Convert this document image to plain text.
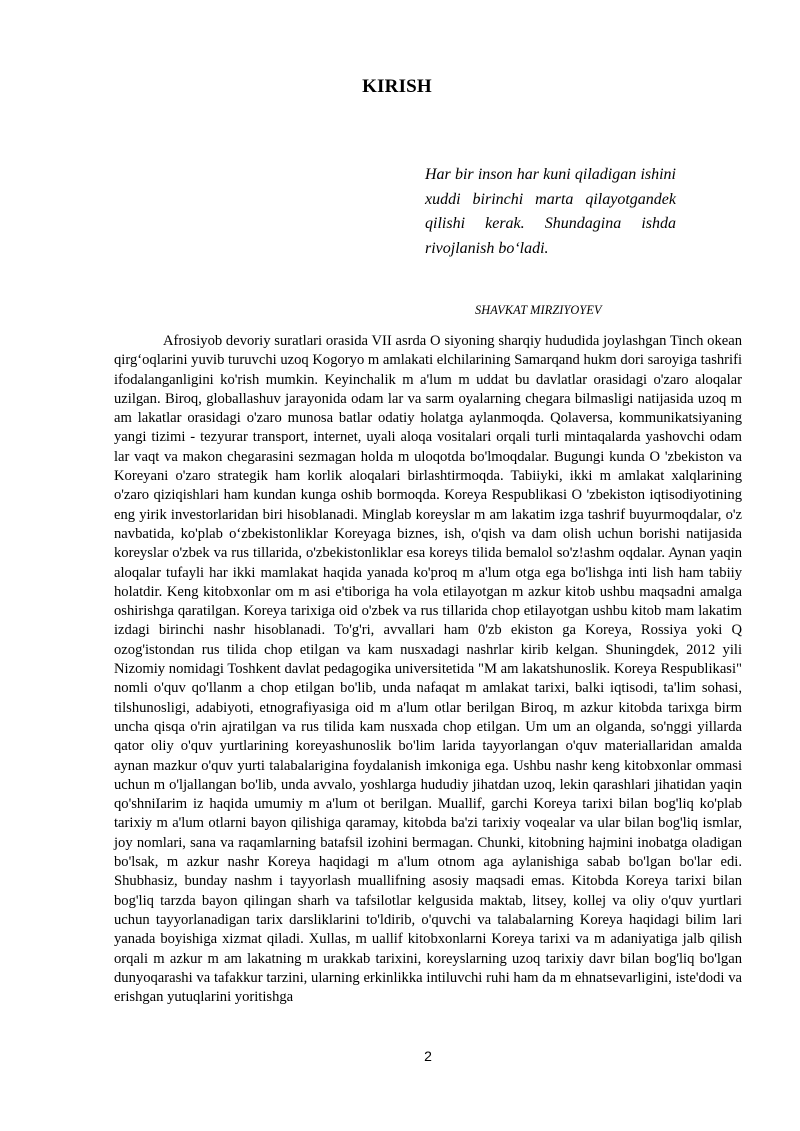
KIRISH
Har bir inson har kuni qiladigan ishini xuddi birinchi marta qilayotgandek qilishi kerak. Shundagina ishda rivojlanish bo‘ladi.
SHAVKAT MIRZIYOYEV

Afrosiyob devoriy suratlari orasida VII asrda O siyoning sharqiy hududida joylashgan Tinch okean qirg‘oqlarini yuvib turuvchi uzoq Kogoryo m amlakati elchilarining Samarqand hukm dori saroyiga tashrifi ifodalanganligini ko'rish mumkin. Keyinchalik m a'lum m uddat bu davlatlar orasidagi o'zaro aloqalar uzilgan. Biroq, globallashuv jarayonida odam lar va sarm oyalarning chegara bilmasligi natijasida uzoq m am lakatlar orasidagi o'zaro munosa batlar odatiy holatga aylanmoqda. Qolaversa, kommunikatsiyaning yangi tizimi - tezyurar transport, internet, uyali aloqa vositalari orqali turli mintaqalarda yashovchi odam lar vaqt va makon chegarasini sezmagan holda m uloqotda bo'lmoqdalar. Bugungi kunda O 'zbekiston va Koreyani o'zaro strategik ham korlik aloqalari birlashtirmoqda. Tabiiyki, ikki m amlakat xalqlarining o'zaro qiziqishlari ham kundan kunga oshib bormoqda. Koreya Respublikasi O 'zbekiston iqtisodiyotining eng yirik investorlaridan biri hisoblanadi. Minglab koreyslar m am lakatim izga tashrif buyurmoqdalar, o'z navbatida, ko'plab o‘zbekistonliklar Koreyaga biznes, ish, o'qish va dam olish uchun borishi natijasida koreyslar o'zbek va rus tillarida, o'zbekistonliklar esa koreys tilida bemalol so'z!ashm oqdalar. Aynan yaqin aloqalar tufayli har ikki mamlakat haqida yanada ko'proq m a'lum otga ega bo'lishga inti lish ham tabiiy holatdir. Keng kitobxonlar om m asi e'tiboriga ha vola etilayotgan m azkur kitob ushbu maqsadni amalga oshirishga qaratilgan. Koreya tarixiga oid o'zbek va rus tillarida chop etilayotgan ushbu kitob mam lakatim izdagi birinchi nashr hisoblanadi. To'g'ri, avvallari ham 0'zb ekiston ga Koreya, Rossiya yoki Q ozog'istondan rus tilida chop etilgan va kam nusxadagi nashrlar kirib kelgan. Shuningdek, 2012 yili Nizomiy nomidagi Toshkent davlat pedagogika universitetida "M am lakatshunoslik. Koreya Respublikasi" nomli o'quv qo'llanm a chop etilgan bo'lib, unda nafaqat m amlakat tarixi, balki iqtisodi, ta'lim sohasi, tilshunosligi, adabiyoti, etnografiyasiga oid m a'lum otlar berilgan Biroq, m azkur kitobda tarixga birm uncha qisqa o'rin ajratilgan va rus tilida kam nusxada chop etilgan. Um um an olganda, so'nggi yillarda qator oliy o'quv yurtlarining koreyashunoslik bo'lim larida tayyorlangan o'quv materiallaridan amalda aynan mazkur o'quv yurti talabalarigina foydalanish imkoniga ega. Ushbu nashr keng kitobxonlar ommasi uchun m o'ljallangan bo'lib, unda avvalo, yoshlarga hududiy jihatdan uzoq, lekin qarashlari jihatidan yaqin qo'shniIarim iz haqida umumiy m a'lum ot berilgan. Muallif, garchi Koreya tarixi bilan bog'liq ko'plab tarixiy m a'lum otlarni bayon qilishiga qaramay, kitobda ba'zi tarixiy voqealar va ular bilan bog'liq ismlar, joy nomlari, sana va raqamlarning batafsil izohini bermagan. Chunki, kitobning hajmini inobatga oladigan bo'lsak, m azkur nashr Koreya haqidagi m a'lum otnom aga aylanishiga sabab bo'lgan bo'lar edi. Shubhasiz, bunday nashm i tayyorlash muallifning asosiy maqsadi emas. Kitobda Koreya tarixi bilan bog'liq tarzda bayon qilingan sharh va tafsilotlar kelgusida maktab, litsey, kollej va oliy o'quv yurtlari uchun tayyorlanadigan tarix darsliklarini to'ldirib, o'quvchi va talabalarning Koreya haqidagi bilim lari yanada boyishiga xizmat qiladi. Xullas, m uallif kitobxonlarni Koreya tarixi va m adaniyatiga jalb qilish orqali m azkur m am lakatning m urakkab tarixini, koreyslarning uzoq tarixiy davr bilan bog'liq bo'lgan dunyoqarashi va tafakkur tarzini, ularning erkinlikka intiluvchi ruhi ham da m ehnatsevarligini, iste'dodi va erishgan yutuqlarini yoritishga

2
